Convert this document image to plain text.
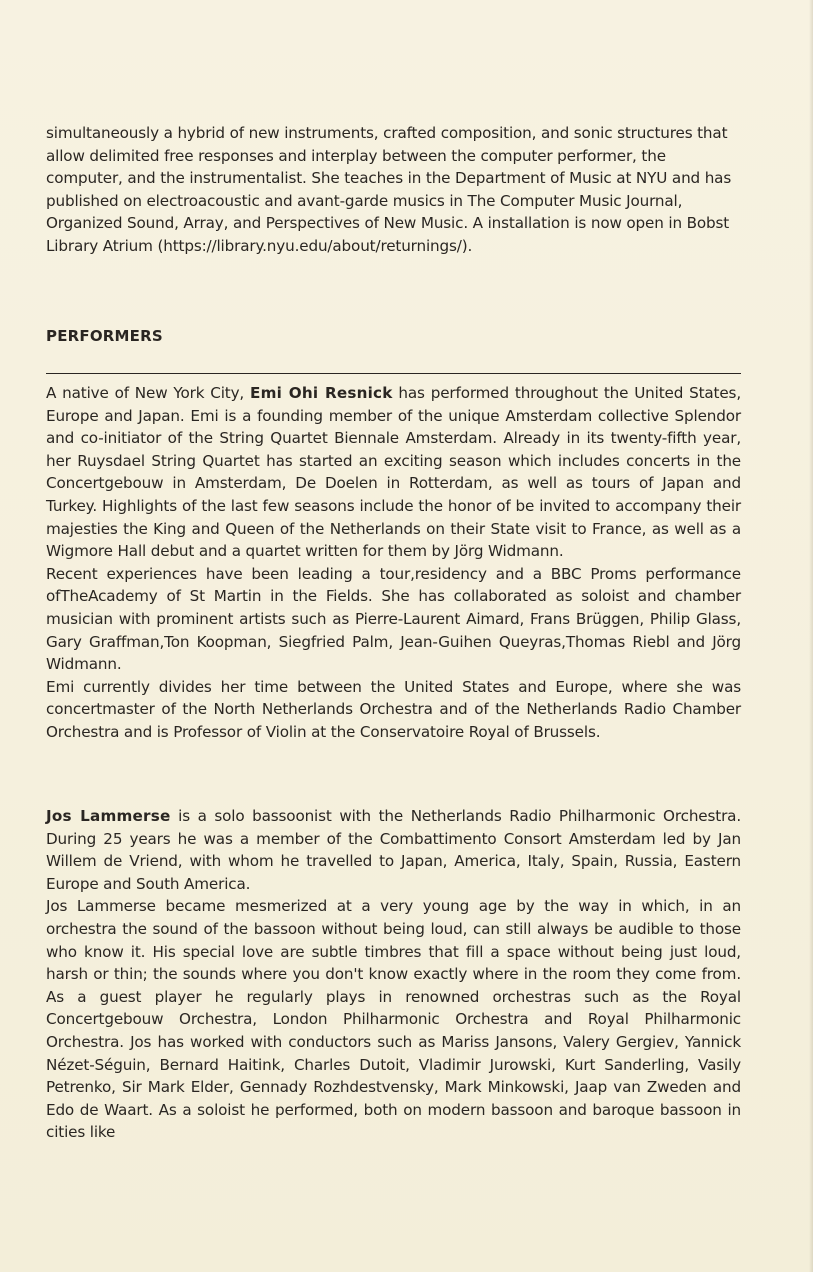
simultaneously a hybrid of new instruments, crafted composition, and sonic structures that allow delimited free responses and interplay between the computer performer, the computer, and the instrumentalist. She teaches in the Department of Music at NYU and has published on electroacoustic and avant-garde musics in The Computer Music Journal, Organized Sound, Array, and Perspectives of New Music. A installation is now open in Bobst Library Atrium (https://library.nyu.edu/about/returnings/).

PERFORMERS

A native of New York City, Emi Ohi Resnick has performed throughout the United States, Europe and Japan. Emi is a founding member of the unique Amsterdam collective Splendor and co-initiator of the String Quartet Biennale Amsterdam. Already in its twenty-fifth year, her Ruysdael String Quartet has started an exciting season which includes concerts in the Concertgebouw in Amsterdam, De Doelen in Rotterdam, as well as tours of Japan and Turkey. Highlights of the last few seasons include the honor of be invited to accompany their majesties the King and Queen of the Netherlands on their State visit to France, as well as a Wigmore Hall debut and a quartet written for them by Jörg Widmann.

Recent experiences have been leading a tour,residency and a BBC Proms performance ofTheAcademy of St Martin in the Fields. She has collaborated as soloist and chamber musician with prominent artists such as Pierre-Laurent Aimard, Frans Brüggen, Philip Glass, Gary Graffman,Ton Koopman, Siegfried Palm, Jean-Guihen Queyras,Thomas Riebl and Jörg Widmann.

Emi currently divides her time between the United States and Europe, where she was concertmaster of the North Netherlands Orchestra and of the Netherlands Radio Chamber Orchestra and is Professor of Violin at the Conservatoire Royal of Brussels.

Jos Lammerse is a solo bassoonist with the Netherlands Radio Philharmonic Orchestra. During 25 years he was a member of the Combattimento Consort Amsterdam led by Jan Willem de Vriend, with whom he travelled to Japan, America, Italy, Spain, Russia, Eastern Europe and South America.

Jos Lammerse became mesmerized at a very young age by the way in which, in an orchestra the sound of the bassoon without being loud, can still always be audible to those who know it. His special love are subtle timbres that fill a space without being just loud, harsh or thin; the sounds where you don't know exactly where in the room they come from. As a guest player he regularly plays in renowned orchestras such as the Royal Concertgebouw Orchestra, London Philharmonic Orchestra and Royal Philharmonic Orchestra. Jos has worked with conductors such as Mariss Jansons, Valery Gergiev, Yannick Nézet-Séguin, Bernard Haitink, Charles Dutoit, Vladimir Jurowski, Kurt Sanderling, Vasily Petrenko, Sir Mark Elder, Gennady Rozhdestvensky, Mark Minkowski, Jaap van Zweden and Edo de Waart. As a soloist he performed, both on modern bassoon and baroque bassoon in cities like
